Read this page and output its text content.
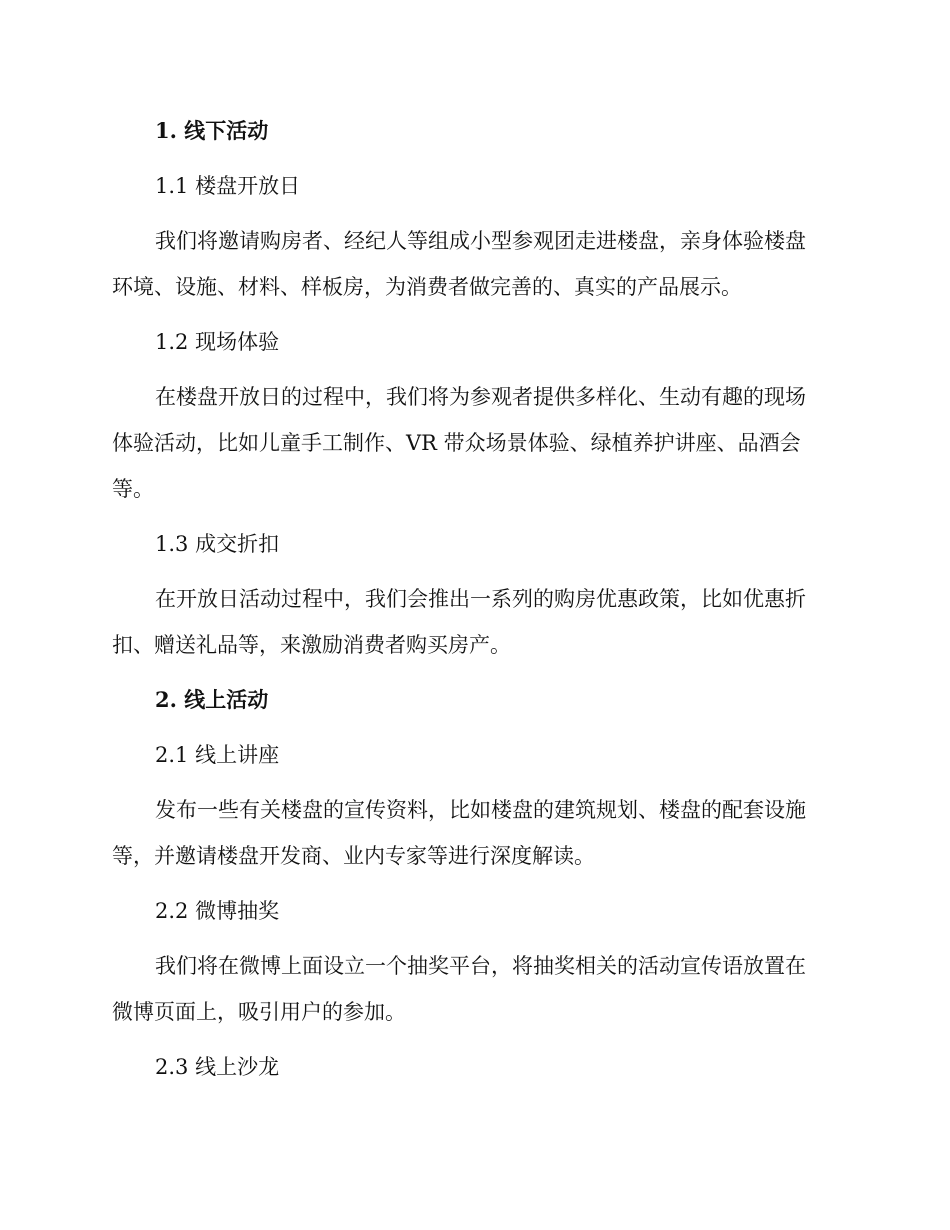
1. 线下活动
1.1 楼盘开放日
我们将邀请购房者、经纪人等组成小型参观团走进楼盘，亲身体验楼盘
环境、设施、材料、样板房，为消费者做完善的、真实的产品展示。
1.2 现场体验
在楼盘开放日的过程中，我们将为参观者提供多样化、生动有趣的现场
体验活动，比如儿童手工制作、VR 带众场景体验、绿植养护讲座、品酒会
等。
1.3 成交折扣
在开放日活动过程中，我们会推出一系列的购房优惠政策，比如优惠折
扣、赠送礼品等，来激励消费者购买房产。
2. 线上活动
2.1 线上讲座
发布一些有关楼盘的宣传资料，比如楼盘的建筑规划、楼盘的配套设施
等，并邀请楼盘开发商、业内专家等进行深度解读。
2.2 微博抽奖
我们将在微博上面设立一个抽奖平台，将抽奖相关的活动宣传语放置在
微博页面上，吸引用户的参加。
2.3 线上沙龙
